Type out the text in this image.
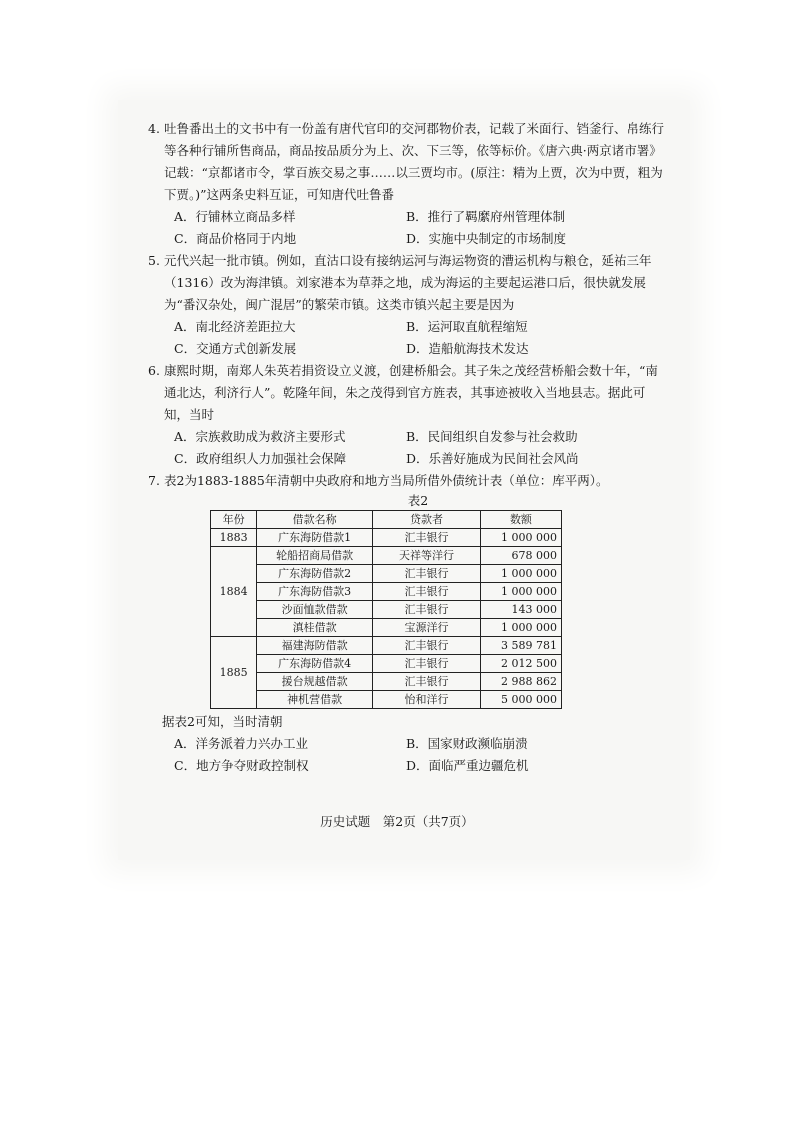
4. 吐鲁番出土的文书中有一份盖有唐代官印的交河郡物价表，记载了米面行、铛釜行、帛练行等各种行铺所售商品，商品按品质分为上、次、下三等，依等标价。《唐六典·两京诸市署》记载：“京都诸市令，掌百族交易之事……以三贾均市。(原注：精为上贾，次为中贾，粗为下贾。)”这两条史料互证，可知唐代吐鲁番

A．行铺林立商品多样	B．推行了羁縻府州管理体制
C．商品价格同于内地	D．实施中央制定的市场制度

5. 元代兴起一批市镇。例如，直沽口设有接纳运河与海运物资的漕运机构与粮仓，延祐三年（1316）改为海津镇。刘家港本为草莽之地，成为海运的主要起运港口后，很快就发展为“番汉杂处，闽广混居”的繁荣市镇。这类市镇兴起主要是因为

A．南北经济差距拉大	B．运河取直航程缩短
C．交通方式创新发展	D．造船航海技术发达

6. 康熙时期，南郑人朱英若捐资设立义渡，创建桥船会。其子朱之茂经营桥船会数十年，“南通北达，利济行人”。乾隆年间，朱之茂得到官方旌表，其事迹被收入当地县志。据此可知，当时

A．宗族救助成为救济主要形式	B．民间组织自发参与社会救助
C．政府组织人力加强社会保障	D．乐善好施成为民间社会风尚

7. 表2为1883-1885年清朝中央政府和地方当局所借外债统计表（单位：库平两）。

表2

年份	借款名称	贷款者	数额
1883	广东海防借款1	汇丰银行	1 000 000
1884	轮船招商局借款	天祥等洋行	678 000
	广东海防借款2	汇丰银行	1 000 000
	广东海防借款3	汇丰银行	1 000 000
	沙面恤款借款	汇丰银行	143 000
	滇桂借款	宝源洋行	1 000 000
1885	福建海防借款	汇丰银行	3 589 781
	广东海防借款4	汇丰银行	2 012 500
	援台规越借款	汇丰银行	2 988 862
	神机营借款	怡和洋行	5 000 000

据表2可知，当时清朝

A．洋务派着力兴办工业	B．国家财政濒临崩溃
C．地方争夺财政控制权	D．面临严重边疆危机
历史试题　第2页（共7页）
